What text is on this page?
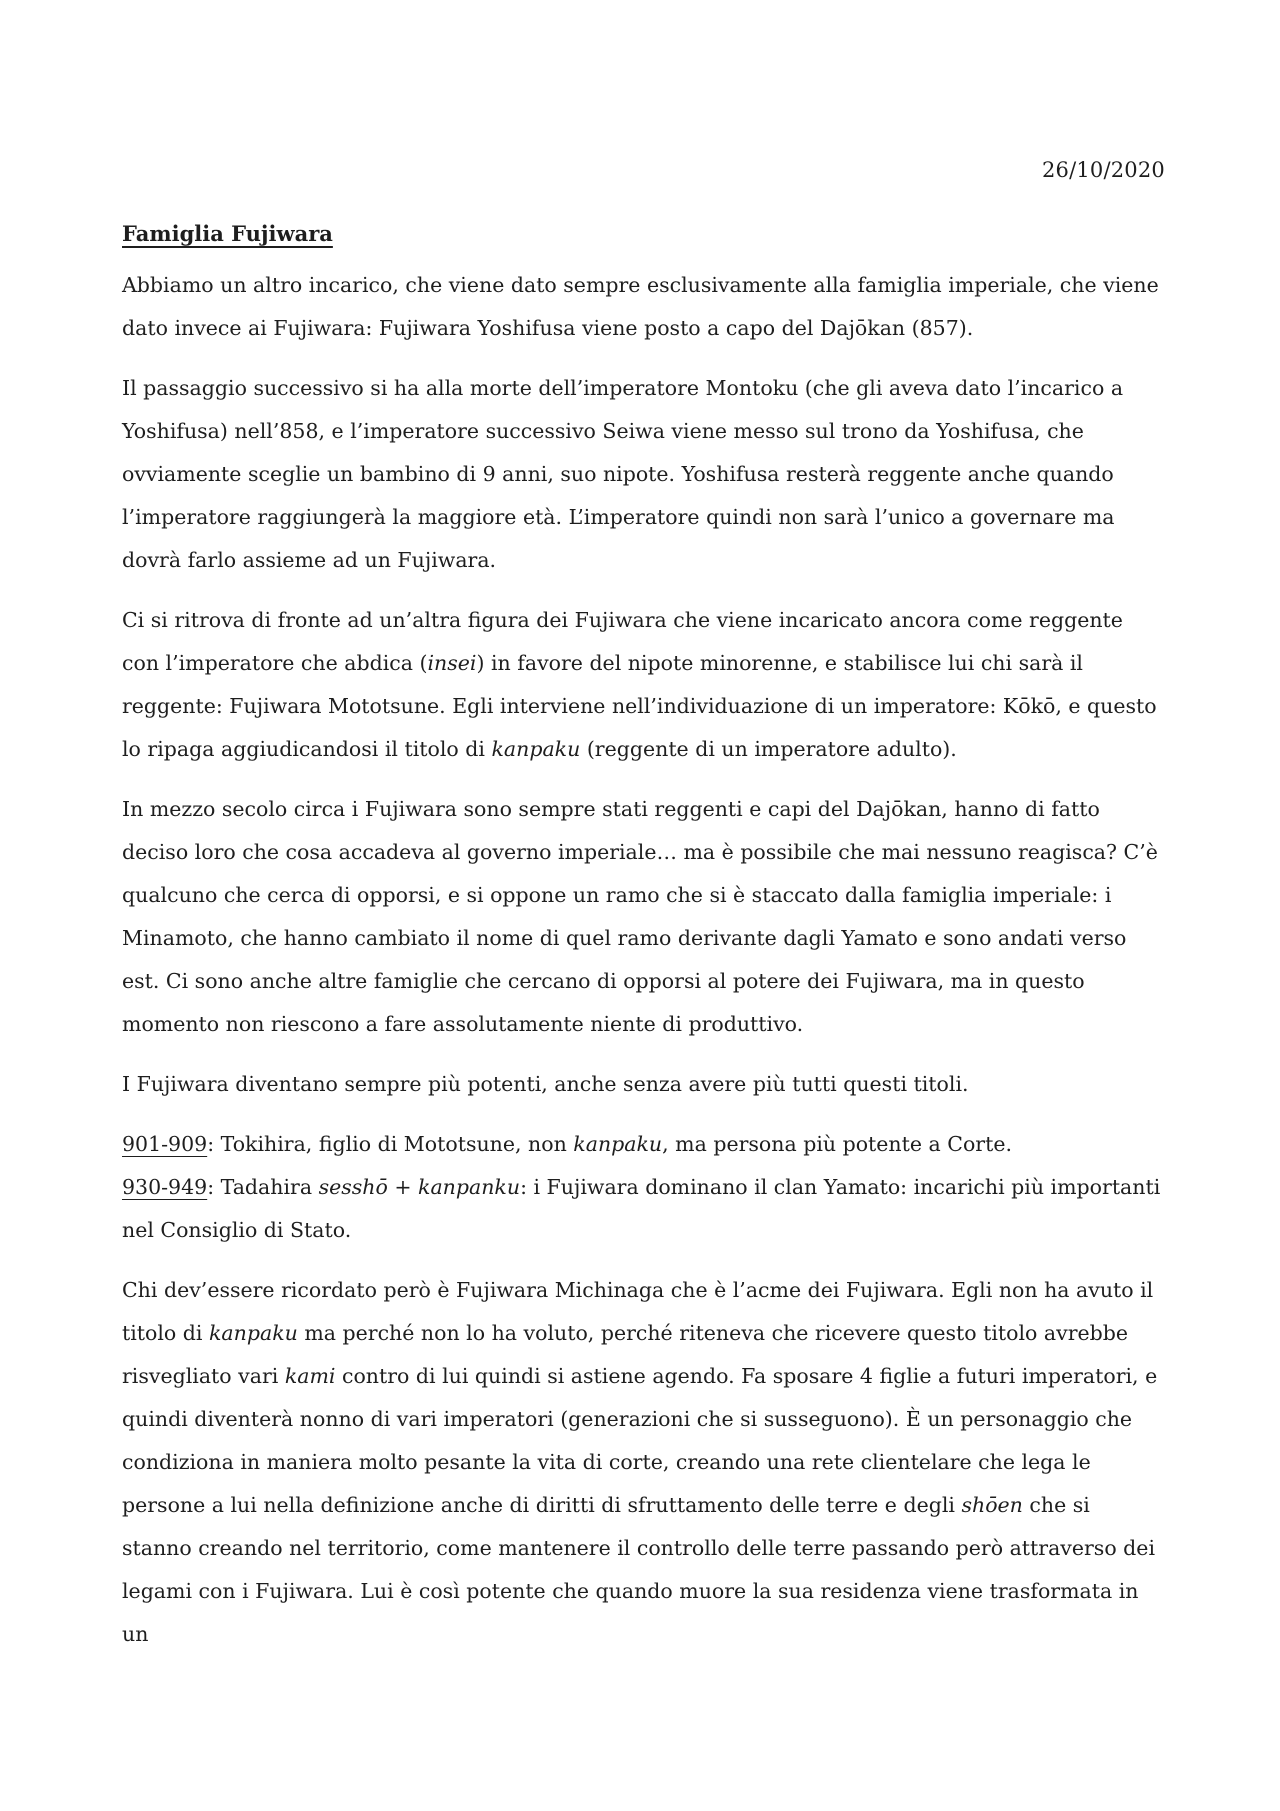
26/10/2020
Famiglia Fujiwara

Abbiamo un altro incarico, che viene dato sempre esclusivamente alla famiglia imperiale, che viene dato invece ai Fujiwara: Fujiwara Yoshifusa viene posto a capo del Dajōkan (857).

Il passaggio successivo si ha alla morte dell’imperatore Montoku (che gli aveva dato l’incarico a Yoshifusa) nell’858, e l’imperatore successivo Seiwa viene messo sul trono da Yoshifusa, che ovviamente sceglie un bambino di 9 anni, suo nipote. Yoshifusa resterà reggente anche quando l’imperatore raggiungerà la maggiore età. L’imperatore quindi non sarà l’unico a governare ma dovrà farlo assieme ad un Fujiwara.

Ci si ritrova di fronte ad un’altra figura dei Fujiwara che viene incaricato ancora come reggente con l’imperatore che abdica (insei) in favore del nipote minorenne, e stabilisce lui chi sarà il reggente: Fujiwara Mototsune. Egli interviene nell’individuazione di un imperatore: Kōkō, e questo lo ripaga aggiudicandosi il titolo di kanpaku (reggente di un imperatore adulto).

In mezzo secolo circa i Fujiwara sono sempre stati reggenti e capi del Dajōkan, hanno di fatto deciso loro che cosa accadeva al governo imperiale… ma è possibile che mai nessuno reagisca? C’è qualcuno che cerca di opporsi, e si oppone un ramo che si è staccato dalla famiglia imperiale: i Minamoto, che hanno cambiato il nome di quel ramo derivante dagli Yamato e sono andati verso est. Ci sono anche altre famiglie che cercano di opporsi al potere dei Fujiwara, ma in questo momento non riescono a fare assolutamente niente di produttivo.

I Fujiwara diventano sempre più potenti, anche senza avere più tutti questi titoli.

901-909: Tokihira, figlio di Mototsune, non kanpaku, ma persona più potente a Corte.
930-949: Tadahira sesshō + kanpanku: i Fujiwara dominano il clan Yamato: incarichi più importanti nel Consiglio di Stato.

Chi dev’essere ricordato però è Fujiwara Michinaga che è l’acme dei Fujiwara. Egli non ha avuto il titolo di kanpaku ma perché non lo ha voluto, perché riteneva che ricevere questo titolo avrebbe risvegliato vari kami contro di lui quindi si astiene agendo. Fa sposare 4 figlie a futuri imperatori, e quindi diventerà nonno di vari imperatori (generazioni che si susseguono). È un personaggio che condiziona in maniera molto pesante la vita di corte, creando una rete clientelare che lega le persone a lui nella definizione anche di diritti di sfruttamento delle terre e degli shōen che si stanno creando nel territorio, come mantenere il controllo delle terre passando però attraverso dei legami con i Fujiwara. Lui è così potente che quando muore la sua residenza viene trasformata in un
